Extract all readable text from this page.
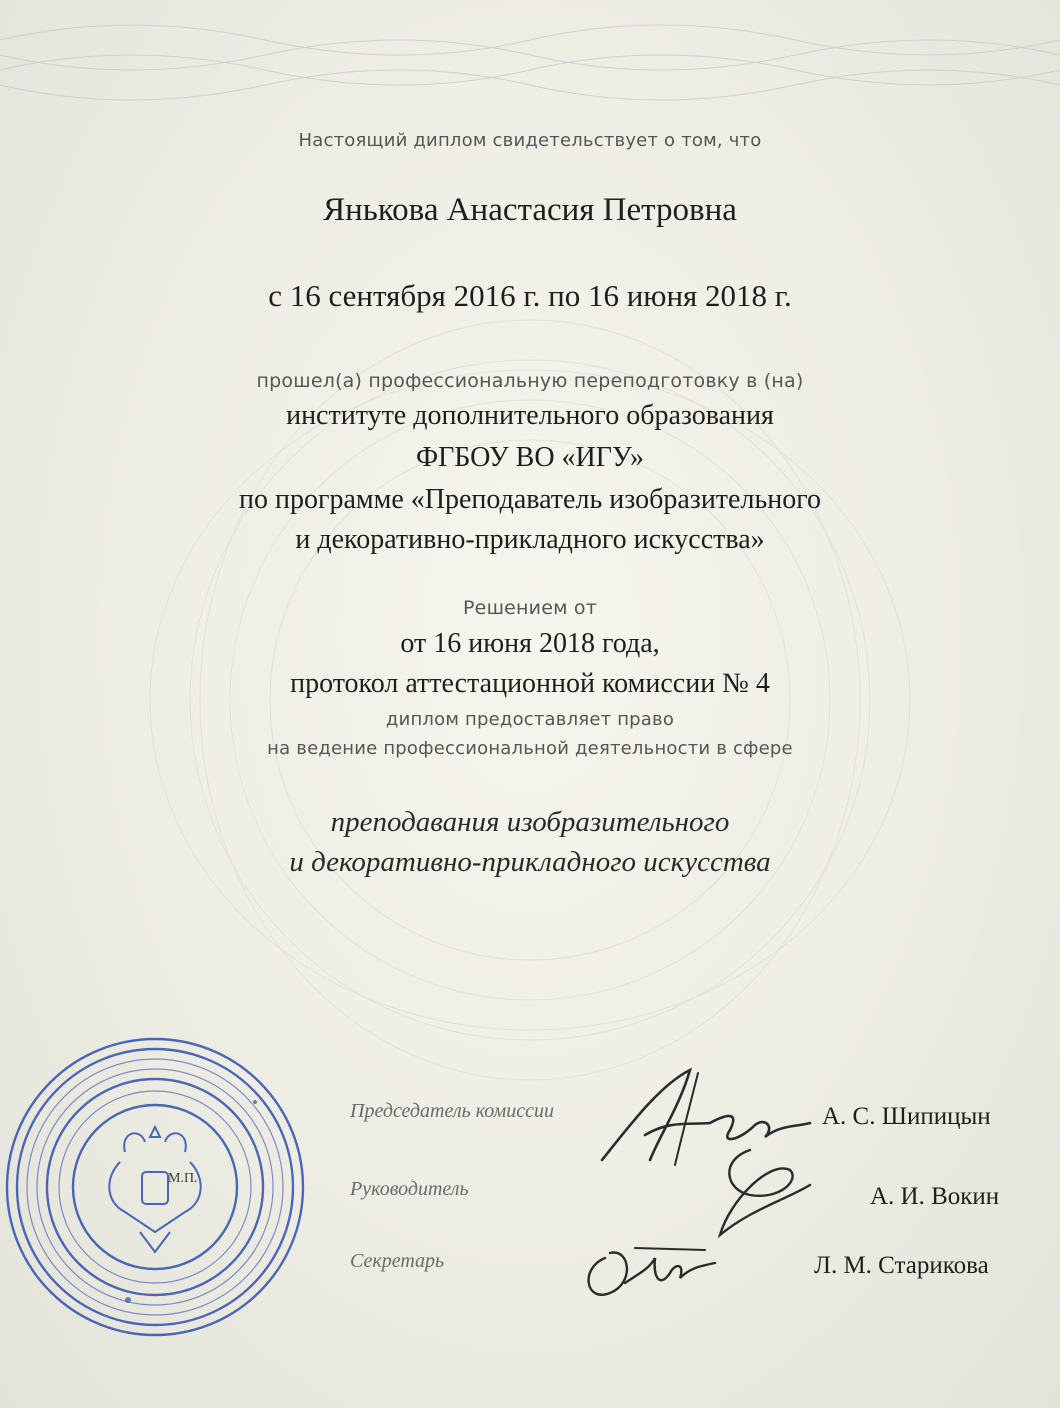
Настоящий диплом свидетельствует о том, что
Янькова Анастасия Петровна
с 16 сентября 2016 г. по 16 июня 2018 г.
прошел(а) профессиональную переподготовку в (на)
институте дополнительного образования
ФГБОУ ВО «ИГУ»
по программе «Преподаватель изобразительного
и декоративно-прикладного искусства»
Решением от
от 16 июня 2018 года,
протокол аттестационной комиссии № 4
диплом предоставляет право
на ведение профессиональной деятельности в сфере
преподавания изобразительного
и декоративно-прикладного искусства
Председатель комиссии	А. С. Шипицын
Руководитель	А. И. Вокин
Секретарь	Л. М. Старикова
М.П.
